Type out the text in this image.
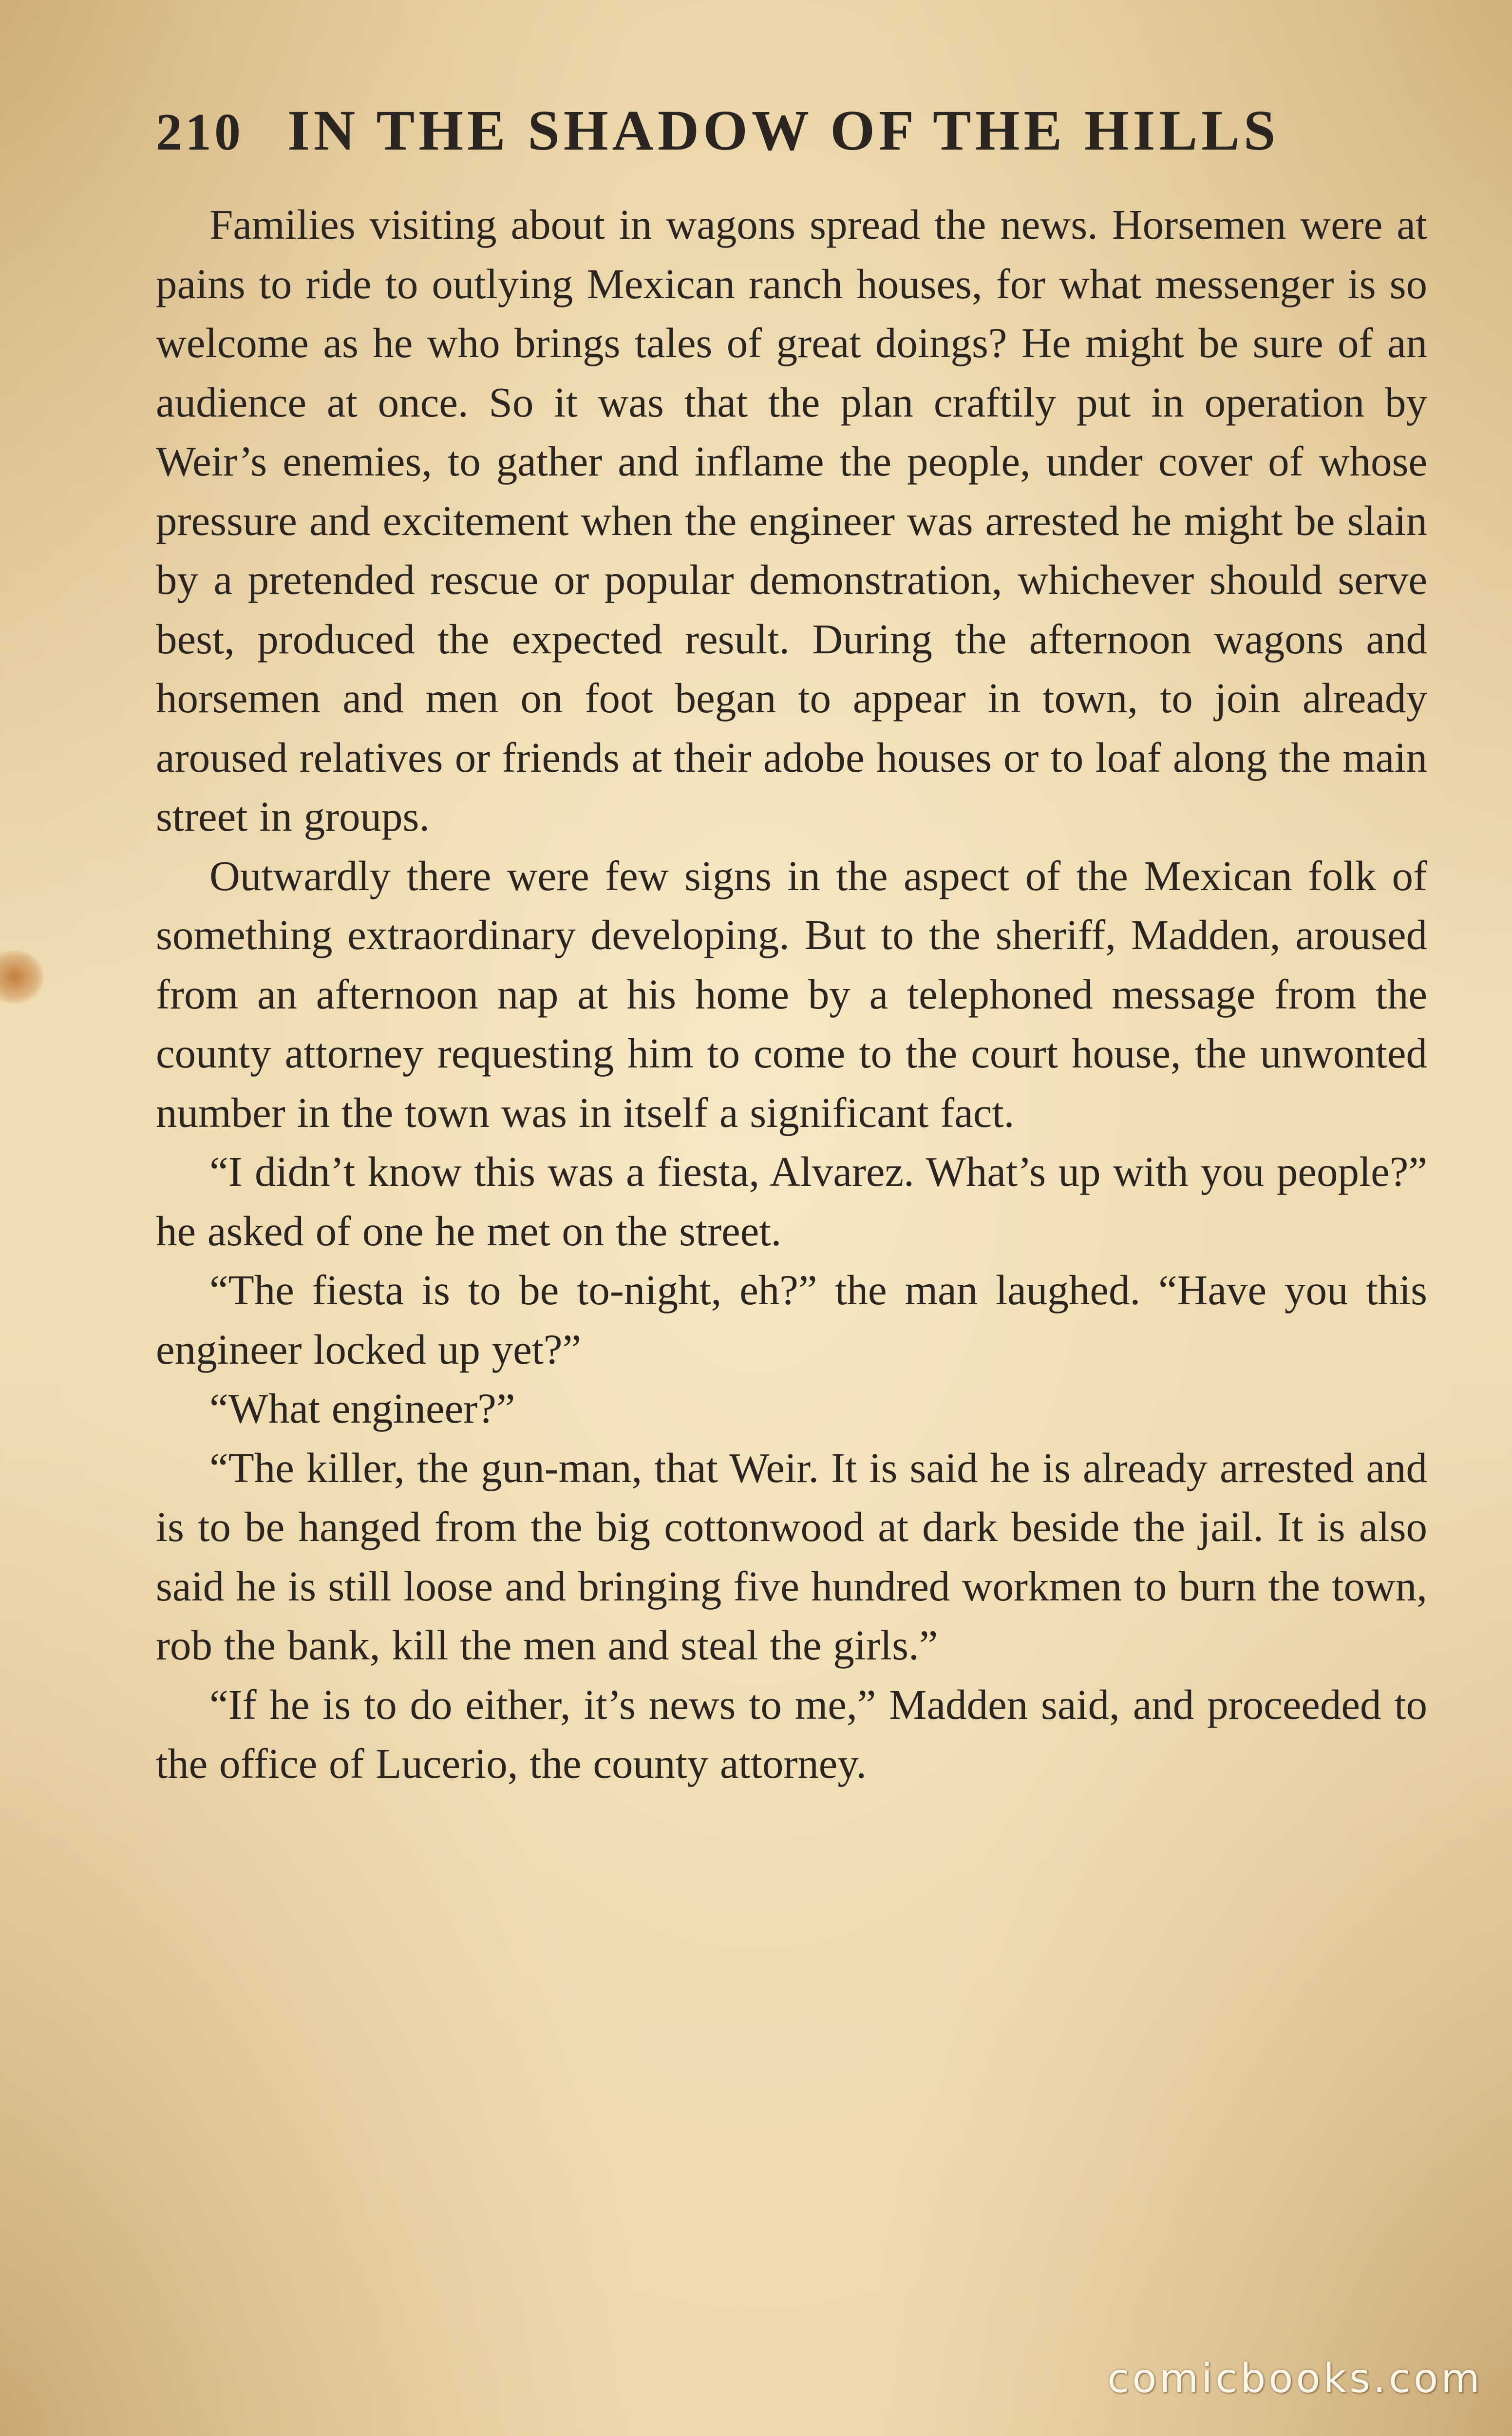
210 IN THE SHADOW OF THE HILLS

Families visiting about in wagons spread the news. Horsemen were at pains to ride to outlying Mexican ranch houses, for what messenger is so welcome as he who brings tales of great doings? He might be sure of an audience at once. So it was that the plan craftily put in operation by Weir’s enemies, to gather and inflame the people, under cover of whose pressure and excitement when the engineer was arrested he might be slain by a pretended rescue or popular demonstration, whichever should serve best, produced the expected result. During the afternoon wagons and horsemen and men on foot began to appear in town, to join already aroused relatives or friends at their adobe houses or to loaf along the main street in groups.

Outwardly there were few signs in the aspect of the Mexican folk of something extraordinary developing. But to the sheriff, Madden, aroused from an afternoon nap at his home by a telephoned message from the county attorney requesting him to come to the court house, the unwonted number in the town was in itself a significant fact.

“I didn’t know this was a fiesta, Alvarez. What’s up with you people?” he asked of one he met on the street.

“The fiesta is to be to-night, eh?” the man laughed. “Have you this engineer locked up yet?”

“What engineer?”

“The killer, the gun-man, that Weir. It is said he is already arrested and is to be hanged from the big cottonwood at dark beside the jail. It is also said he is still loose and bringing five hundred workmen to burn the town, rob the bank, kill the men and steal the girls.”

“If he is to do either, it’s news to me,” Madden said, and proceeded to the office of Lucerio, the county attorney.

comicbooks.com
